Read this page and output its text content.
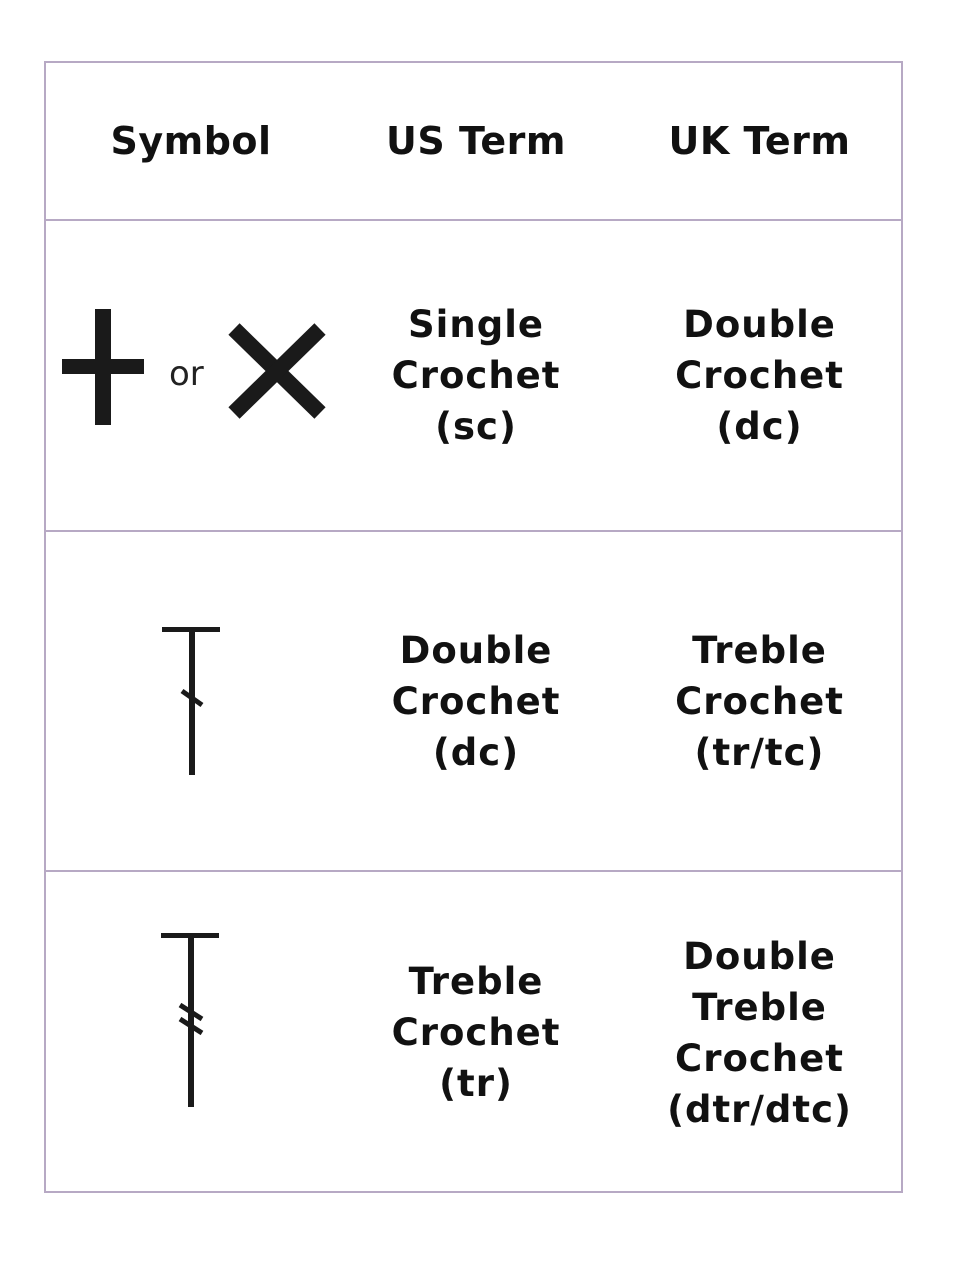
Symbol	US Term	UK Term
or
Single
Crochet
(sc)
Double
Crochet
(dc)
Double
Crochet
(dc)
Treble
Crochet
(tr/tc)
Treble
Crochet
(tr)
Double
Treble
Crochet
(dtr/dtc)
